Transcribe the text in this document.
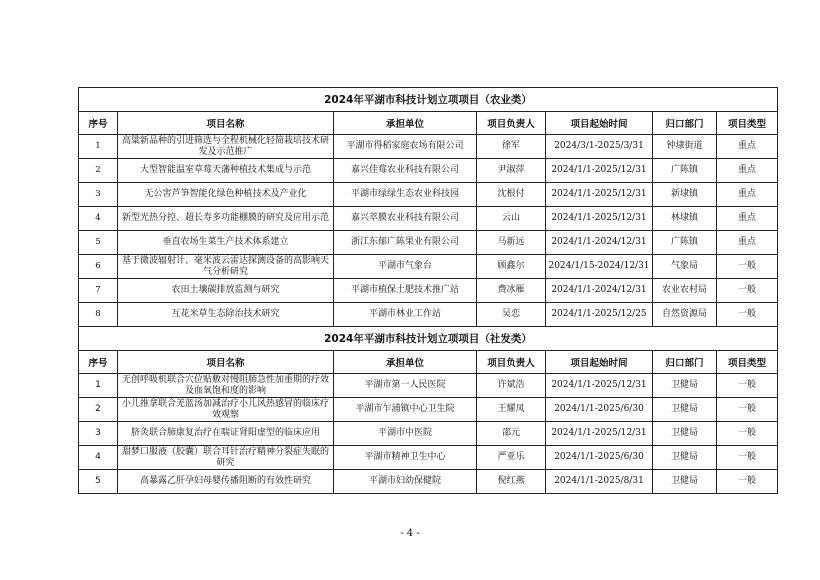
2024年平湖市科技计划立项项目（农业类）						
序号	项目名称	承担单位	项目负责人	项目起始时间	归口部门	项目类型
1	高粱新品种的引进筛选与全程机械化轻简栽培技术研发及示范推广	平湖市得稻家庭农场有限公司	徐军	2024/3/1-2025/3/31	钟埭街道	重点
2	大型智能温室草莓天藩种植技术集成与示范	嘉兴佳莓农业科技有限公司	尹淑萍	2024/1/1-2025/12/31	广陈镇	重点
3	无公害芦笋智能化绿色种植技术及产业化	平湖市绿绿生态农业科技园	沈根付	2024/1/1-2025/12/31	新埭镇	重点
4	新型光热分控、超长寿多功能棚膜的研究及应用示范	嘉兴萃膜农业科技有限公司	云山	2024/1/1-2025/12/31	林埭镇	重点
5	垂直农场生菜生产技术体系建立	浙江东郁广陈果业有限公司	马新远	2024/1/1-2024/12/31	广陈镇	重点
6	基于微波辐射计、毫米波云雷达探测设备的高影响天气分析研究	平湖市气象台	顾鑫尔	2024/1/15-2024/12/31	气象局	一般
7	农田土壤碳排放监测与研究	平湖市植保土肥技术推广站	费冰雁	2024/1/1-2024/12/31	农业农村局	一般
8	互花米草生态除治技术研究	平湖市林业工作站	吴恋	2024/1/1-2025/12/25	自然资源局	一般
2024年平湖市科技计划立项项目（社发类）						
序号	项目名称	承担单位	项目负责人	项目起始时间	归口部门	项目类型
1	无创呼吸机联合穴位贴敷对慢阻肺急性加重期的疗效及血氧饱和度的影响	平湖市第一人民医院	许斌浩	2024/1/1-2025/12/31	卫健局	一般
2	小儿推拿联合羌蓝汤加减治疗小儿风热感冒的临床疗效观察	平湖市乍浦镇中心卫生院	王耀凤	2024/1/1-2025/6/30	卫健局	一般
3	脐灸联合肺康复治疗在喘证肾阳虚型的临床应用	平湖市中医院	邵元	2024/1/1-2025/12/31	卫健局	一般
4	甜梦口服液（胶囊）联合耳针治疗精神分裂症失眠的研究	平湖市精神卫生中心	严亚乐	2024/1/1-2025/6/30	卫健局	一般
5	高暴露乙肝孕妇母婴传播阻断的有效性研究	平湖市妇幼保健院	倪红燕	2024/1/1-2025/8/31	卫健局	一般
- 4 -
